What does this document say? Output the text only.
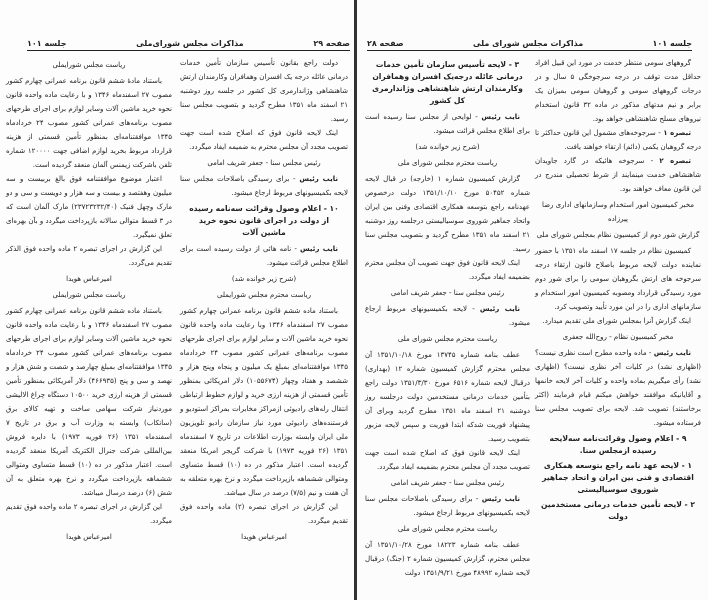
صفحه ۲۹
مذاکرات مجلس شورای‌ملی
جلسه ۱۰۱

دولت راجع بقانون تأسیس سازمان تأمین خدمات درمانی عائله درجه یک افسران وهمافران وکارمندان ارتش شاهنشاهی وژاندارمری کل کشور در جلسه روز دوشنبه ۲۱ اسفند ماه ۱۳۵۱ مطرح گردید و بتصویب مجلس سنا رسید.

اینک لایحه قانون فوق که اصلاح شده است جهت تصویب مجدد آن مجلس محترم به ضمیمه ایفاد میگردد.

رئیس مجلس سنا - جعفر شریف امامی

نایب رئیس - برای رسیدگی باصلاحات مجلس سنا لایحه بکمیسیونهای مربوط ارجاع میشود.

۱۰ - اعلام وصول وقرائت سه‌نامه رسیده از دولت در اجرای قانون نحوه خرید ماشین آلات

نایب رئیس - نامه هائی از دولت رسیده است برای اطلاع مجلس قرائت میشود.

(شرح زیر خوانده شد)

ریاست محترم مجلس شورایملی

باستناد ماده ششم قانون برنامه عمرانی چهارم کشور مصوب ۲۷ اسفندماه ۱۳۴۶ وبا رعایت ماده واحده قانون نحوه خرید ماشین آلات و سایر لوازم برای اجرای طرحهای مصوب برنامه‌های عمرانی کشور مصوب ۲۴ خردادماه ۱۳۴۵ موافقتنامه‌ای بمبلغ یک میلیون و پنجاه وپنج هزار و ششصد و هفتاد وچهار (۱۰۵۵۶۷۴) دلار امریکائی بمنظور تأمین قسمتی از هزینه ارزی خرید و لوازم خطوط ارتباطی انتقال رله‌های رادیوئی ازمراکز مخابرات بمراکز استودیو و فرستنده‌های رادیوئی مورد نیاز سازمان رادیو تلویزیون ملی ایران وابسته بوزارت اطلاعات در تاریخ ۷ اسفندماه ۱۳۵۱ (۲۶ فوریه ۱۹۷۳) با شرکت گریجر امریکا منعقد گردیده است. اعتبار مذکور در ده (۱۰) قسط متساوی ومتوالی ششماهه بازپرداخت میگردد و نرخ بهره متعلقه به آن هفت و نیم (۷/۵) درصد در سال میباشد.

این گزارش در اجرای تبصره (۲) ماده واحده فوق تقدیم میگردد.

امیرعباس هویدا

ریاست مجلس شورایملی

باستناد مادهٔ ششم قانون برنامه عمرانی چهارم کشور مصوب ۲۷ اسفندماه ۱۳۴۶ و با رعایت ماده واحده قانون نحوه خرید ماشین آلات وسایر لوازم برای اجرای طرحهای مصوب برنامه‌های عمرانی کشور مصوب ۲۴ خردادماه ۱۳۴۵ موافقتنامه‌ای بمنظور تأمین قسمتی از هزینه قرارداد مربوط بخرید لوازم اضافی جهت ۱۲۰۰۰۰ شماره تلفن باشرکت زیمنس آلمان منعقد گردیده است.

اعتبار موضوع موافقتنامه فوق بالغ بربیست و سه میلیون وهفتصد و بیست و سه هزار و دویست و سی و دو مارک وچهل فنیک (۲۳۷۲۳۲۳۲/۴۰) مارک آلمان است که در ۳ قسط متوالی سالانه بازپرداخت میگردد و بآن بهره‌ای تعلق نمیگیرد.

این گزارش در اجرای تبصره ۲ ماده واحده فوق الذکر تقدیم می‌گردد.

امیرعباس هویدا

ریاست مجلس شورایملی

باستناد ماده ششم قانون برنامه عمرانی چهارم کشور مصوب ۲۷ اسفندماه ۱۳۴۶ و با رعایت ماده واحده قانون نحوه خرید ماشین آلات وسایر لوازم برای اجرای طرحهای مصوب برنامه‌های عمرانی کشور مصوب ۲۴ خردادماه ۱۳۴۵ موافقتنامه‌ای بمبلغ چهارصد و شصت و شش هزار و نهصد و سی و پنج (۴۶۶۹۳۵) دلار آمریکائی بمنظور تأمین قسمتی از هزینه ارزی خرید ۱۰۵۰۰ دستگاه چراغ الالیشی موردنیاز شرکت سهامی ساخت و تهیه کالای برق (ساتکاب) وابسته به وزارت آب و برق در تاریخ ۷ اسفندماه ۱۳۵۱ (۲۶ فوریه ۱۹۷۳) با دایره فروش بین‌المللی شرکت جنرال الکتریک آمریکا منعقد گردیده است. اعتبار مذکور در ده (۱۰) قسط متساوی ومتوالی ششماهه بازپرداخت میگردد و نرخ بهره متعلق به آن شش (۶) درصد درسال میباشد.

این گزارش در اجرای تبصره ۲ ماده واحده فوق تقدیم میگردد.

امیرعباس هویدا

جلسه ۱۰۱
مذاکرات مجلس شورای ملی
صفحه ۲۸

گروههای سومی منتظر خدمت در مورد این قبیل افراد حداقل مدت توقف در درجه سرجوخگی ۵ سال و در درجات گروههای سومی و گروهبان سومی بمیزان یک برابر و نیم مدتهای مذکور در ماده ۳۲ قانون استخدام نیروهای مسلح شاهنشاهی خواهد بود.

تبصره ۱ - سرجوخه‌های مشمول این قانون حداکثر تا درجه گروهبان یکمی (دائم) ارتقاء خواهند یافت.

تبصره ۲ - سرجوخه هائیکه در گارد جاویدان شاهنشاهی خدمت مینمایند از شرط تحصیلی مندرج در این قانون معاف خواهند بود.

مخبر کمیسیون امور استخدام وسازمانهای اداری رضا پیرزاده

گزارش شور دوم از کمیسیون نظام بمجلس شورای ملی

کمیسیون نظام در جلسه ۱۷ اسفند ماه ۱۳۵۱ با حضور نماینده دولت لایحه مربوط باصلاح قانون ارتقاء درجه سرجوخه های ارتش بگروهبان سومی را برای شور دوم مورد رسیدگی قرارداد ومصوبه کمیسیون امور استخدام و سازمانهای اداری را در این مورد تأیید وتصویب کرد.

اینک گزارش آنرا بمجلس شورای ملی تقدیم میدارد.

مخبر کمیسیون نظام - روح‌الله جعفری

نایب رئیس - ماده واحده مطرح است نظری نیست؟ (اظهاری نشد) در کلیات آخر نظری نیست؟ (اظهاری نشد) رأی میگیریم بماده واحده و کلیات آخر لایحه خانمها و آقایانیکه موافقند خواهش میکنم قیام فرمایند (اکثر برخاستند) تصویب شد. لایحه برای تصویب مجلس سنا فرستاده میشود.

۹ - اعلام وصول وقرائت‌نامه سه‌لایحه رسیده ازمجلس سنا.
۱ - لایحه عهد نامه راجع بتوسعه همکاری اقتصادی و فنی بین ایران و اتحاد جماهیر شوروی سوسیالیستی
۲ - لایحه تأمین خدمات درمانی مستخدمین دولت
۳ - لایحه تأسیس سازمان تأمین خدمات درمانی عائله درجه‌یک افسران وهمافران وکارمندان ارتش شاهنشاهی وژاندارمری کل کشور

نایب رئیس - لوایحی از مجلس سنا رسیده است برای اطلاع مجلس قرائت میشود.

(شرح زیر خوانده شد)

ریاست محترم مجلس شورای ملی

گزارش کمیسیون شماره ۱ (خارجه) در قبال لایحه شماره ۵۰۴۵۲ مورخ ۱۳۵۱/۱۰/۱۰ دولت درخصوص عهدنامه راجع بتوسعه همکاری اقتصادی وفنی بین ایران واتحاد جماهیر شوروی سوسیالیستی درجلسه روز دوشنبه ۲۱ اسفند ماه ۱۳۵۱ مطرح گردید و بتصویب مجلس سنا رسید.

اینک لایحه قانون فوق جهت تصویب آن مجلس محترم بضمیمه ایفاد میگردد.

رئیس مجلس سنا - جعفر شریف امامی

نایب رئیس - لایحه بکمیسیونهای مربوط ارجاع میشود.

ریاست محترم مجلس شورای ملی

عطف بنامه شماره ۱۳۷۴۵ مورخ ۱۳۵۱/۱۰/۱۸ آن مجلس محترم گزارش کمیسیون شماره ۱۲ (بهداری) درقبال لایحه شماره ۶۵۱۶ مورخ ۱۳۵۱/۳/۳۰ دولت راجع بتأمین خدمات درمانی مستخدمین دولت درجلسه روز دوشنبه ۲۱ اسفند ماه ۱۳۵۱ مطرح گردید وبرای آن پیشنهاد فوریت شدکه ابتدا فوریت و سپس لایحه مزبور بتصویب رسید.

اینک لایحه قانون فوق که اصلاح شده است جهت تصویب مجدد آن مجلس محترم بضمیمه ایفاد میگردد.

رئیس مجلس سنا - جعفر شریف امامی

نایب رئیس - برای رسیدگی باصلاحات مجلس سنا لایحه بکمیسیونهای مربوط ارجاع میشود.

ریاست محترم مجلس شورای ملی

عطف بنامه شماره ۱۸۲۲۳ مورخ ۱۳۵۱/۱۰/۲۸ آن مجلس محترم، گزارش کمیسیون شماره ۲ (جنگ) درقبال لایحه شماره ۴۸۹۹۲ مورخ ۱۳۵۱/۹/۲۱ دولت
